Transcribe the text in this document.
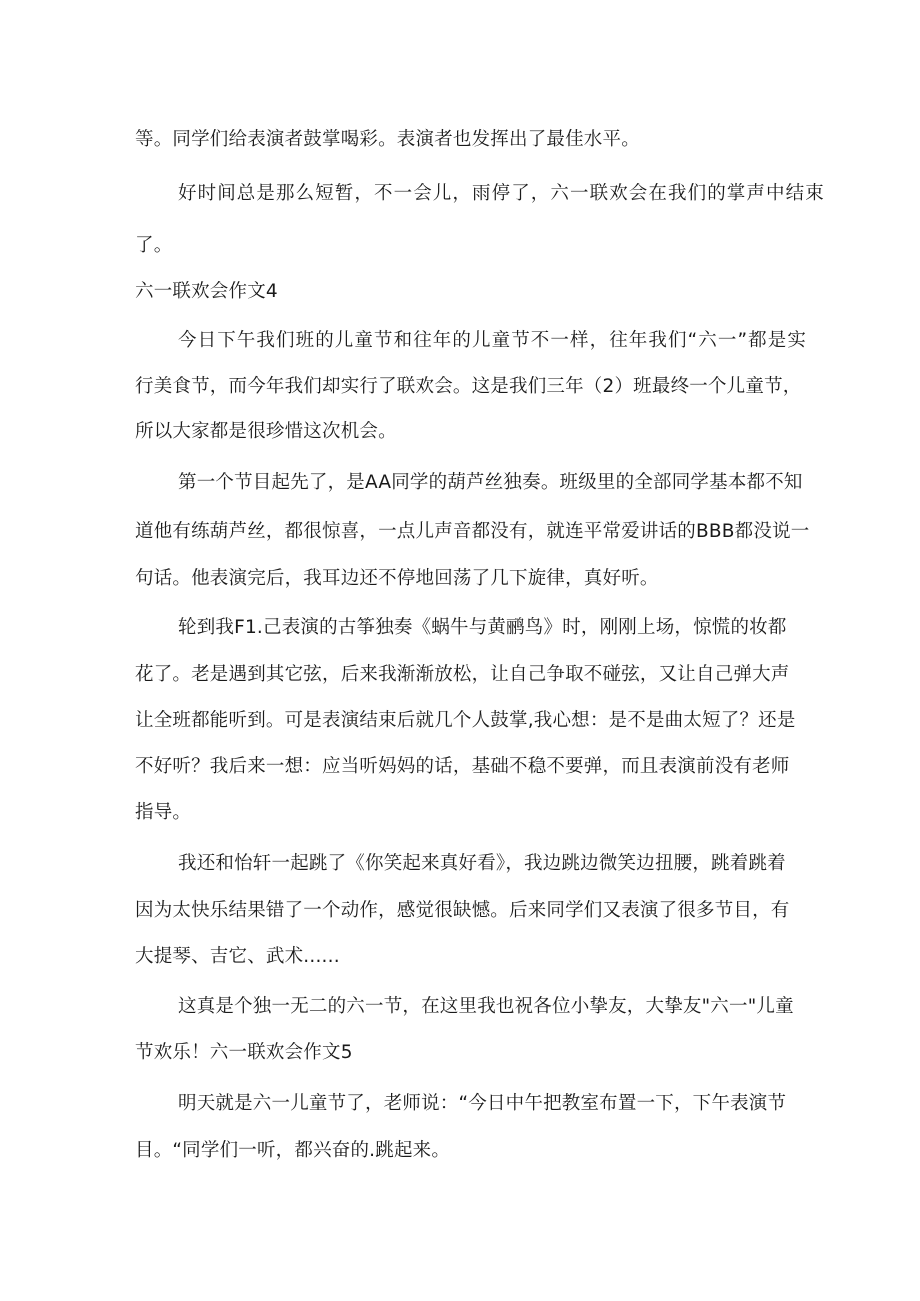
等。同学们给表演者鼓掌喝彩。表演者也发挥出了最佳水平。
好时间总是那么短暂，不一会儿，雨停了，六一联欢会在我们的掌声中结束
了。
六一联欢会作文4
今日下午我们班的儿童节和往年的儿童节不一样，往年我们“六一”都是实
行美食节，而今年我们却实行了联欢会。这是我们三年（2）班最终一个儿童节，
所以大家都是很珍惜这次机会。
第一个节目起先了，是AA同学的葫芦丝独奏。班级里的全部同学基本都不知
道他有练葫芦丝，都很惊喜，一点儿声音都没有，就连平常爱讲话的BBB都没说一
句话。他表演完后，我耳边还不停地回荡了几下旋律，真好听。
轮到我F1.己表演的古筝独奏《蜗牛与黄鹂鸟》时，刚刚上场，惊慌的妆都
花了。老是遇到其它弦，后来我渐渐放松，让自己争取不碰弦，又让自己弹大声
让全班都能听到。可是表演结束后就几个人鼓掌,我心想：是不是曲太短了？还是
不好听？我后来一想：应当听妈妈的话，基础不稳不要弹，而且表演前没有老师
指导。
我还和怡轩一起跳了《你笑起来真好看》，我边跳边微笑边扭腰，跳着跳着
因为太快乐结果错了一个动作，感觉很缺憾。后来同学们又表演了很多节目，有
大提琴、吉它、武术......
这真是个独一无二的六一节，在这里我也祝各位小挚友，大挚友"六一"儿童
节欢乐！六一联欢会作文5
明天就是六一儿童节了，老师说：“今日中午把教室布置一下，下午表演节
目。“同学们一听，都兴奋的.跳起来。
